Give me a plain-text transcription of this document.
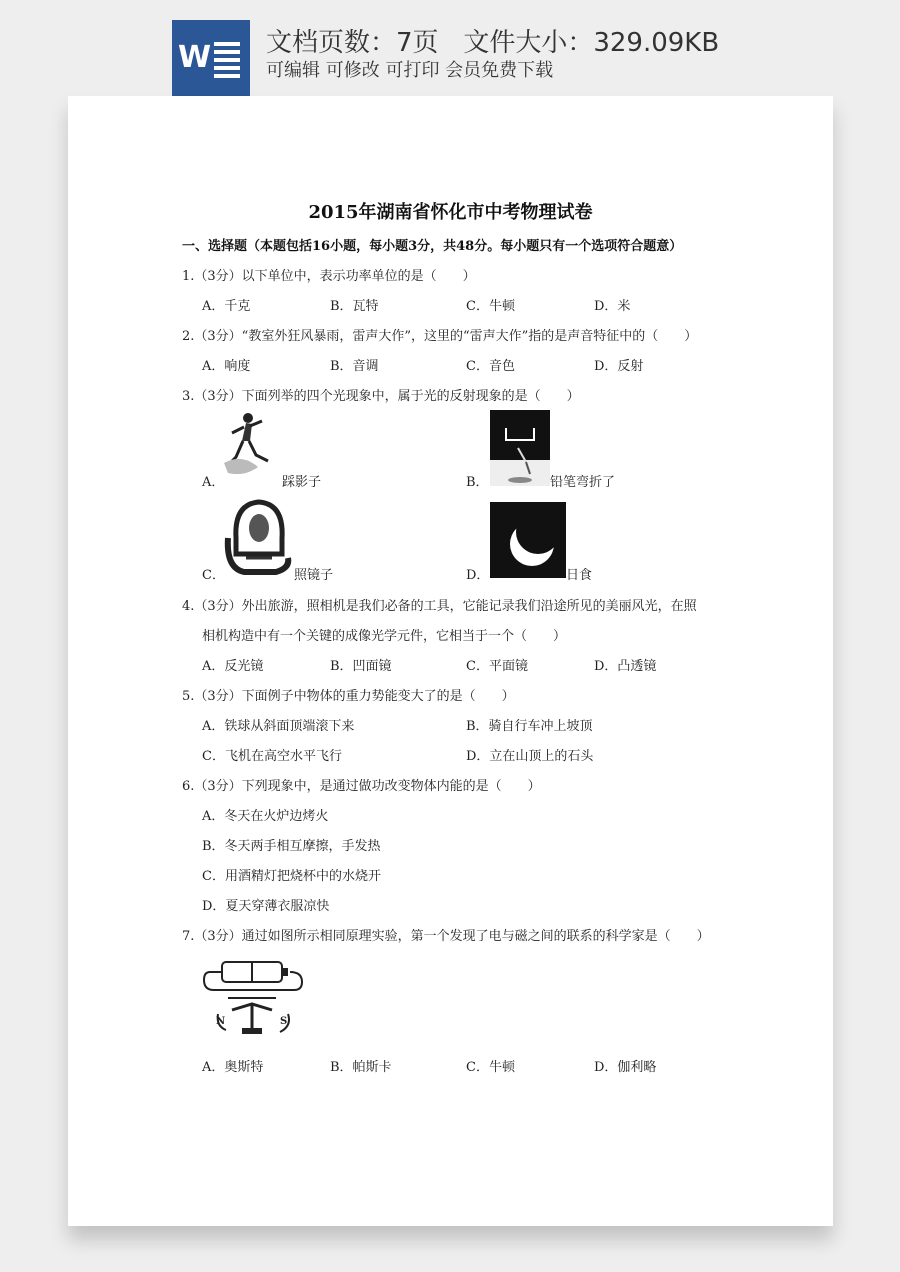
W 文档页数：7页   文件大小：329.09KB
可编辑 可修改 可打印 会员免费下载
2015年湖南省怀化市中考物理试卷
一、选择题（本题包括16小题，每小题3分，共48分。每小题只有一个选项符合题意）
1.（3分）以下单位中，表示功率单位的是（　　）
A．千克	B．瓦特	C．牛顿	D．米
2.（3分）“教室外狂风暴雨，雷声大作”，这里的“雷声大作”指的是声音特征中的（　　）
A．响度	B．音调	C．音色	D．反射
3.（3分）下面列举的四个光现象中，属于光的反射现象的是（　　）
A．	踩影子	B．	铅笔弯折了
C．	照镜子	D．	日食
4.（3分）外出旅游，照相机是我们必备的工具，它能记录我们沿途所见的美丽风光，在照
相机构造中有一个关键的成像光学元件，它相当于一个（　　）
A．反光镜	B．凹面镜	C．平面镜	D．凸透镜
5.（3分）下面例子中物体的重力势能变大了的是（　　）
A．铁球从斜面顶端滚下来	B．骑自行车冲上坡顶
C．飞机在高空水平飞行	D．立在山顶上的石头
6.（3分）下列现象中，是通过做功改变物体内能的是（　　）
A．冬天在火炉边烤火
B．冬天两手相互摩擦，手发热
C．用酒精灯把烧杯中的水烧开
D．夏天穿薄衣服凉快
7.（3分）通过如图所示相同原理实验，第一个发现了电与磁之间的联系的科学家是（　　）
N	S
A．奥斯特	B．帕斯卡	C．牛顿	D．伽利略
